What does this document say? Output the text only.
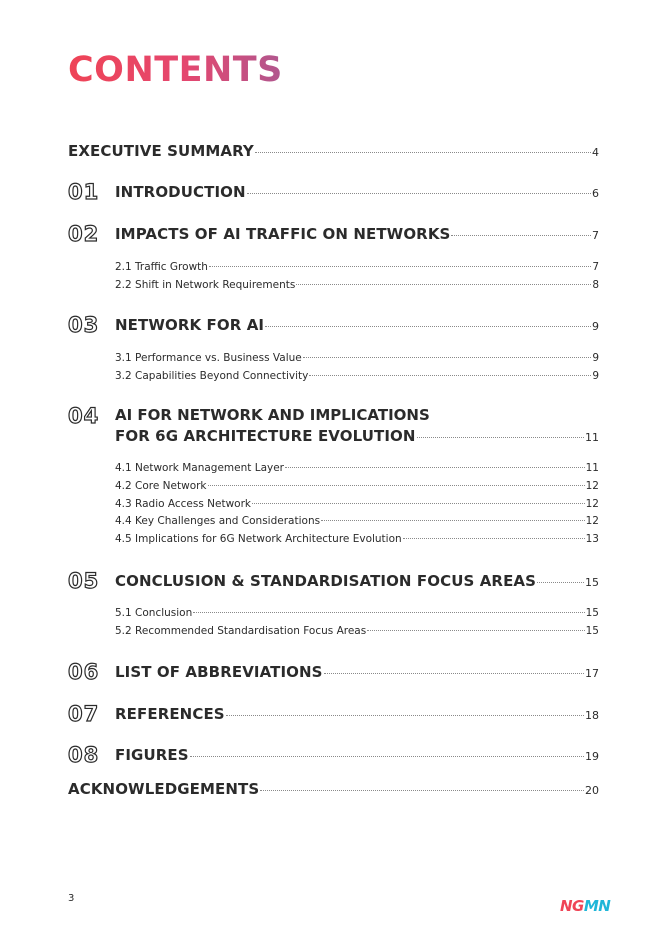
CONTENTS
EXECUTIVE SUMMARY	4
01 INTRODUCTION	6
02 IMPACTS OF AI TRAFFIC ON NETWORKS	7
2.1 Traffic Growth	7
2.2 Shift in Network Requirements	8
03 NETWORK FOR AI	9
3.1 Performance vs. Business Value	9
3.2 Capabilities Beyond Connectivity	9
04 AI FOR NETWORK AND IMPLICATIONS
FOR 6G ARCHITECTURE EVOLUTION	11
4.1 Network Management Layer	11
4.2 Core Network	12
4.3 Radio Access Network	12
4.4 Key Challenges and Considerations	12
4.5 Implications for 6G Network Architecture Evolution	13
05 CONCLUSION & STANDARDISATION FOCUS AREAS	15
5.1 Conclusion	15
5.2 Recommended Standardisation Focus Areas	15
06 LIST OF ABBREVIATIONS	17
07 REFERENCES	18
08 FIGURES	19
ACKNOWLEDGEMENTS	20
3	NGMN
